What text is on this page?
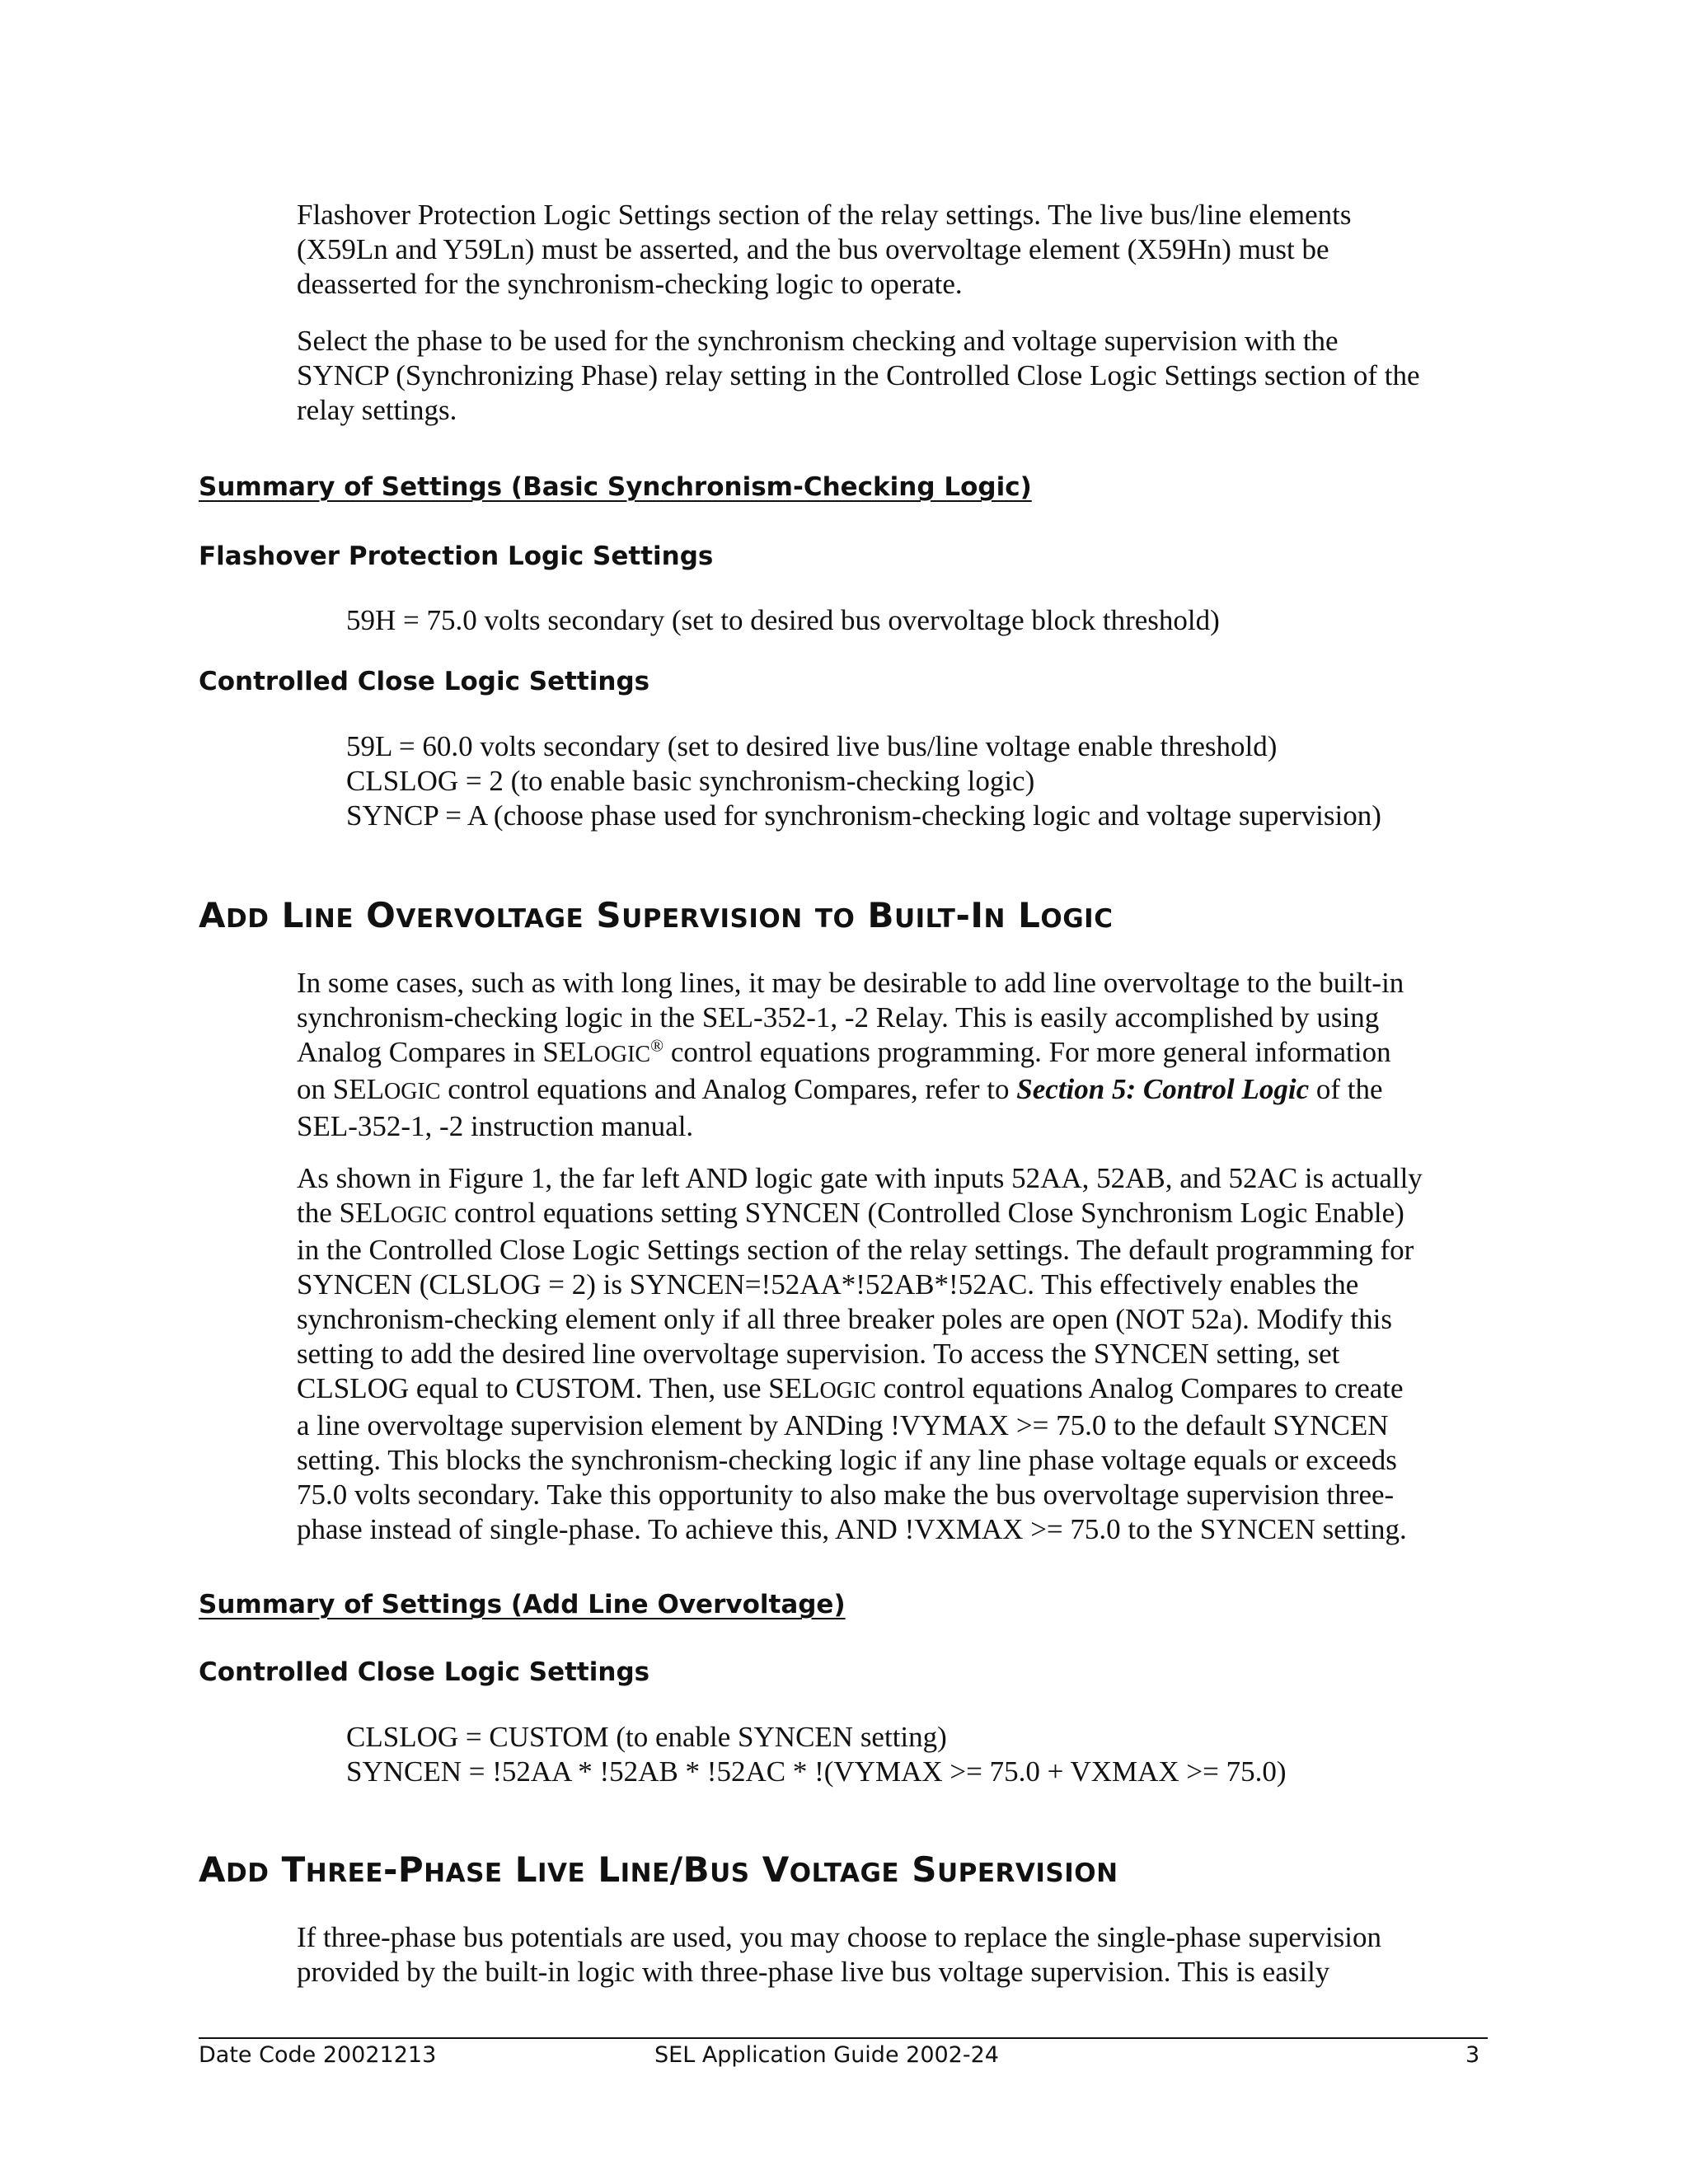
Flashover Protection Logic Settings section of the relay settings. The live bus/line elements
(X59Ln and Y59Ln) must be asserted, and the bus overvoltage element (X59Hn) must be
deasserted for the synchronism-checking logic to operate.
Select the phase to be used for the synchronism checking and voltage supervision with the
SYNCP (Synchronizing Phase) relay setting in the Controlled Close Logic Settings section of the
relay settings.
Summary of Settings (Basic Synchronism-Checking Logic)
Flashover Protection Logic Settings
59H = 75.0 volts secondary (set to desired bus overvoltage block threshold)
Controlled Close Logic Settings
59L = 60.0 volts secondary (set to desired live bus/line voltage enable threshold)
CLSLOG = 2 (to enable basic synchronism-checking logic)
SYNCP = A (choose phase used for synchronism-checking logic and voltage supervision)
ADD LINE OVERVOLTAGE SUPERVISION TO BUILT-IN LOGIC
In some cases, such as with long lines, it may be desirable to add line overvoltage to the built-in
synchronism-checking logic in the SEL-352-1, -2 Relay. This is easily accomplished by using
Analog Compares in SELOGIC® control equations programming. For more general information
on SELOGIC control equations and Analog Compares, refer to Section 5: Control Logic of the
SEL-352-1, -2 instruction manual.
As shown in Figure 1, the far left AND logic gate with inputs 52AA, 52AB, and 52AC is actually
the SELOGIC control equations setting SYNCEN (Controlled Close Synchronism Logic Enable)
in the Controlled Close Logic Settings section of the relay settings. The default programming for
SYNCEN (CLSLOG = 2) is SYNCEN=!52AA*!52AB*!52AC. This effectively enables the
synchronism-checking element only if all three breaker poles are open (NOT 52a). Modify this
setting to add the desired line overvoltage supervision. To access the SYNCEN setting, set
CLSLOG equal to CUSTOM. Then, use SELOGIC control equations Analog Compares to create
a line overvoltage supervision element by ANDing !VYMAX >= 75.0 to the default SYNCEN
setting. This blocks the synchronism-checking logic if any line phase voltage equals or exceeds
75.0 volts secondary. Take this opportunity to also make the bus overvoltage supervision three-
phase instead of single-phase. To achieve this, AND !VXMAX >= 75.0 to the SYNCEN setting.
Summary of Settings (Add Line Overvoltage)
Controlled Close Logic Settings
CLSLOG = CUSTOM (to enable SYNCEN setting)
SYNCEN = !52AA * !52AB * !52AC * !(VYMAX >= 75.0 + VXMAX >= 75.0)
ADD THREE-PHASE LIVE LINE/BUS VOLTAGE SUPERVISION
If three-phase bus potentials are used, you may choose to replace the single-phase supervision
provided by the built-in logic with three-phase live bus voltage supervision. This is easily
Date Code 20021213	SEL Application Guide 2002-24	3
